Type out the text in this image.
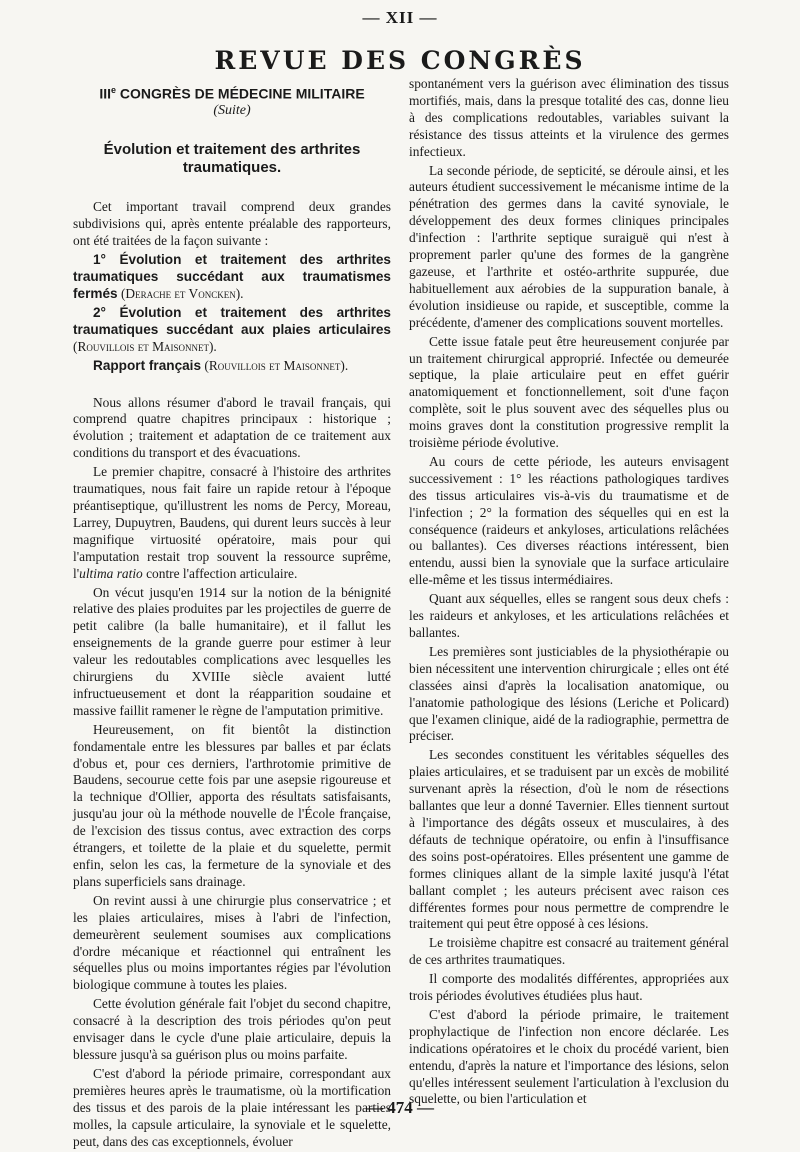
— XII —
REVUE DES CONGRÈS
IIIe CONGRÈS DE MÉDECINE MILITAIRE
(Suite)
Évolution et traitement des arthrites traumatiques.

Cet important travail comprend deux grandes subdivisions qui, après entente préalable des rapporteurs, ont été traitées de la façon suivante :

1° Évolution et traitement des arthrites traumatiques succédant aux traumatismes fermés (Derache et Voncken).

2° Évolution et traitement des arthrites traumatiques succédant aux plaies articulaires (Rouvillois et Maisonnet).

Rapport français (Rouvillois et Maisonnet).

Nous allons résumer d'abord le travail français, qui comprend quatre chapitres principaux : historique ; évolution ; traitement et adaptation de ce traitement aux conditions du transport et des évacuations.

Le premier chapitre, consacré à l'histoire des arthrites traumatiques, nous fait faire un rapide retour à l'époque préantiseptique, qu'illustrent les noms de Percy, Moreau, Larrey, Dupuytren, Baudens, qui durent leurs succès à leur magnifique virtuosité opératoire, mais pour qui l'amputation restait trop souvent la ressource suprême, l'ultima ratio contre l'affection articulaire.

On vécut jusqu'en 1914 sur la notion de la bénignité relative des plaies produites par les projectiles de guerre de petit calibre (la balle humanitaire), et il fallut les enseignements de la grande guerre pour estimer à leur valeur les redoutables complications avec lesquelles les chirurgiens du XVIIIe siècle avaient lutté infructueusement et dont la réapparition soudaine et massive faillit ramener le règne de l'amputation primitive.

Heureusement, on fit bientôt la distinction fondamentale entre les blessures par balles et par éclats d'obus et, pour ces derniers, l'arthrotomie primitive de Baudens, secourue cette fois par une asepsie rigoureuse et la technique d'Ollier, apporta des résultats satisfaisants, jusqu'au jour où la méthode nouvelle de l'École française, de l'excision des tissus contus, avec extraction des corps étrangers, et toilette de la plaie et du squelette, permit enfin, selon les cas, la fermeture de la synoviale et des plans superficiels sans drainage.

On revint aussi à une chirurgie plus conservatrice ; et les plaies articulaires, mises à l'abri de l'infection, demeurèrent seulement soumises aux complications d'ordre mécanique et réactionnel qui entraînent les séquelles plus ou moins importantes régies par l'évolution biologique commune à toutes les plaies.

Cette évolution générale fait l'objet du second chapitre, consacré à la description des trois périodes qu'on peut envisager dans le cycle d'une plaie articulaire, depuis la blessure jusqu'à sa guérison plus ou moins parfaite.

C'est d'abord la période primaire, correspondant aux premières heures après le traumatisme, où la mortification des tissus et des parois de la plaie intéressant les parties molles, la capsule articulaire, la synoviale et le squelette, peut, dans des cas exceptionnels, évoluer

spontanément vers la guérison avec élimination des tissus mortifiés, mais, dans la presque totalité des cas, donne lieu à des complications redoutables, variables suivant la résistance des tissus atteints et la virulence des germes infectieux.

La seconde période, de septicité, se déroule ainsi, et les auteurs étudient successivement le mécanisme intime de la pénétration des germes dans la cavité synoviale, le développement des deux formes cliniques principales d'infection : l'arthrite septique suraiguë qui n'est à proprement parler qu'une des formes de la gangrène gazeuse, et l'arthrite et ostéo-arthrite suppurée, due habituellement aux aérobies de la suppuration banale, à évolution insidieuse ou rapide, et susceptible, comme la précédente, d'amener des complications souvent mortelles.

Cette issue fatale peut être heureusement conjurée par un traitement chirurgical approprié. Infectée ou demeurée septique, la plaie articulaire peut en effet guérir anatomiquement et fonctionnellement, soit d'une façon complète, soit le plus souvent avec des séquelles plus ou moins graves dont la constitution progressive remplit la troisième période évolutive.

Au cours de cette période, les auteurs envisagent successivement : 1° les réactions pathologiques tardives des tissus articulaires vis-à-vis du traumatisme et de l'infection ; 2° la formation des séquelles qui en est la conséquence (raideurs et ankyloses, articulations relâchées ou ballantes). Ces diverses réactions intéressent, bien entendu, aussi bien la synoviale que la surface articulaire elle-même et les tissus intermédiaires.

Quant aux séquelles, elles se rangent sous deux chefs : les raideurs et ankyloses, et les articulations relâchées et ballantes.

Les premières sont justiciables de la physiothérapie ou bien nécessitent une intervention chirurgicale ; elles ont été classées ainsi d'après la localisation anatomique, ou l'anatomie pathologique des lésions (Leriche et Policard) que l'examen clinique, aidé de la radiographie, permettra de préciser.

Les secondes constituent les véritables séquelles des plaies articulaires, et se traduisent par un excès de mobilité survenant après la résection, d'où le nom de résections ballantes que leur a donné Tavernier. Elles tiennent surtout à l'importance des dégâts osseux et musculaires, à des défauts de technique opératoire, ou enfin à l'insuffisance des soins post-opératoires. Elles présentent une gamme de formes cliniques allant de la simple laxité jusqu'à l'état ballant complet ; les auteurs précisent avec raison ces différentes formes pour nous permettre de comprendre le traitement qui peut être opposé à ces lésions.

Le troisième chapitre est consacré au traitement général de ces arthrites traumatiques.

Il comporte des modalités différentes, appropriées aux trois périodes évolutives étudiées plus haut.

C'est d'abord la période primaire, le traitement prophylactique de l'infection non encore déclarée. Les indications opératoires et le choix du procédé varient, bien entendu, d'après la nature et l'importance des lésions, selon qu'elles intéressent seulement l'articulation à l'exclusion du squelette, ou bien l'articulation et

— 474 —
